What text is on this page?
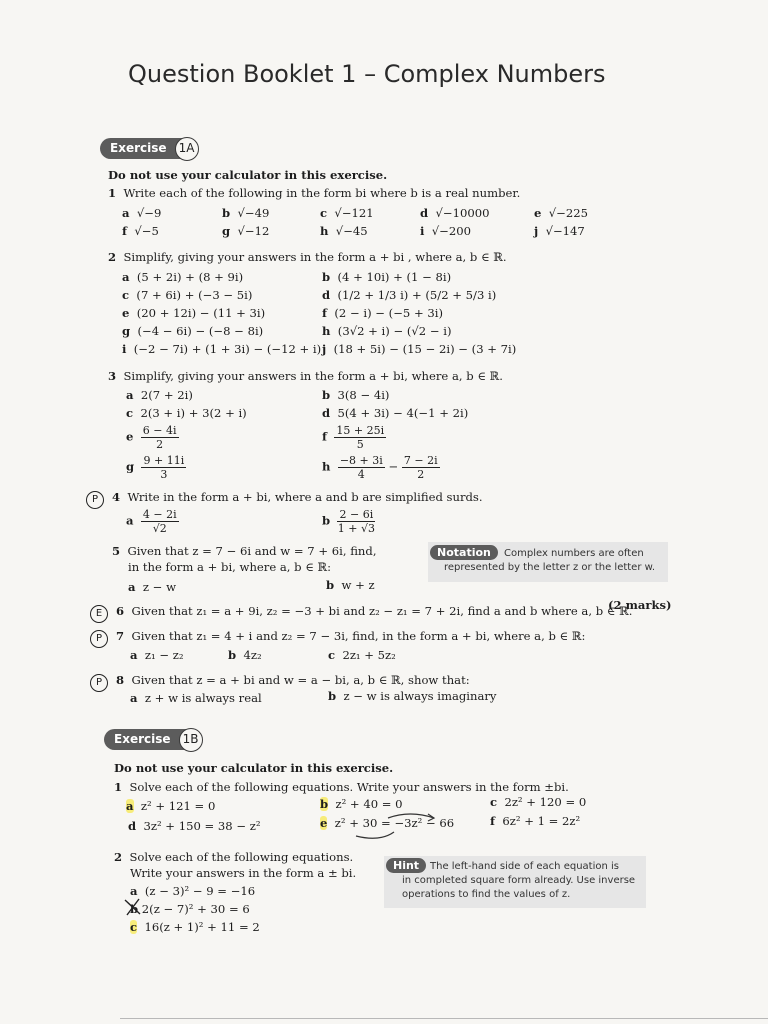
Question Booklet 1 – Complex Numbers
Exercise	1A
Do not use your calculator in this exercise.
1 Write each of the following in the form bi where b is a real number.
a  √−9	b  √−49	c  √−121	d  √−10000	e  √−225
f  √−5	g  √−12	h  √−45	i  √−200	j  √−147
2 Simplify, giving your answers in the form a + bi , where a, b ∈ ℝ.
a  (5 + 2i) + (8 + 9i)	b  (4 + 10i) + (1 − 8i)
c  (7 + 6i) + (−3 − 5i)	d  (1/2 + 1/3 i) + (5/2 + 5/3 i)
e  (20 + 12i) − (11 + 3i)	f  (2 − i) − (−5 + 3i)
g  (−4 − 6i) − (−8 − 8i)	h  (3√2 + i) − (√2 − i)
i  (−2 − 7i) + (1 + 3i) − (−12 + i) j  (18 + 5i) − (15 − 2i) − (3 + 7i)
3 Simplify, giving your answers in the form a + bi, where a, b ∈ ℝ.
a 2(7 + 2i)	b 3(8 − 4i)
c 2(3 + i) + 3(2 + i)	d 5(4 + 3i) − 4(−1 + 2i)
e $\frac{6 - 4i}{2}$	f $\frac{15 + 25i}{5}$
g $\frac{9 + 11i}{3}$	h $\frac{-8 + 3i}{4} - \frac{7 - 2i}{2}$
P	4 Write in the form a + bi, where a and b are simplified surds.
a $\frac{4 - 2i}{√2}$	b $\frac{2 - 6i}{1 + √3}$
5 Given that z = 7 − 6i and w = 7 + 6i, find,
in the form a + bi, where a, b ∈ ℝ:
a z − w	b w + z
Notation	Complex numbers are often
represented by the letter z or the letter w.
E	6 Given that z₁ = a + 9i, z₂ = −3 + bi and z₂ − z₁ = 7 + 2i, find a and b where a, b ∈ ℝ.
(2 marks)
P	7 Given that z₁ = 4 + i and z₂ = 7 − 3i, find, in the form a + bi, where a, b ∈ ℝ:
a z₁ − z₂	b 4z₂	c 2z₁ + 5z₂
P	8 Given that z = a + bi and w = a − bi, a, b ∈ ℝ, show that:
a z + w is always real	b z − w is always imaginary
Exercise	1B
Do not use your calculator in this exercise.
1 Solve each of the following equations. Write your answers in the form ±bi.
a z² + 121 = 0	b z² + 40 = 0	c 2z² + 120 = 0
d 3z² + 150 = 38 − z²	e z² + 30 = −3z² − 66	f 6z² + 1 = 2z²
2 Solve each of the following equations.
Write your answers in the form a ± bi.
a (z − 3)² − 9 = −16
b 2(z − 7)² + 30 = 6
c 16(z + 1)² + 11 = 2
Hint	The left-hand side of each equation is
in completed square form already. Use inverse
operations to find the values of z.
